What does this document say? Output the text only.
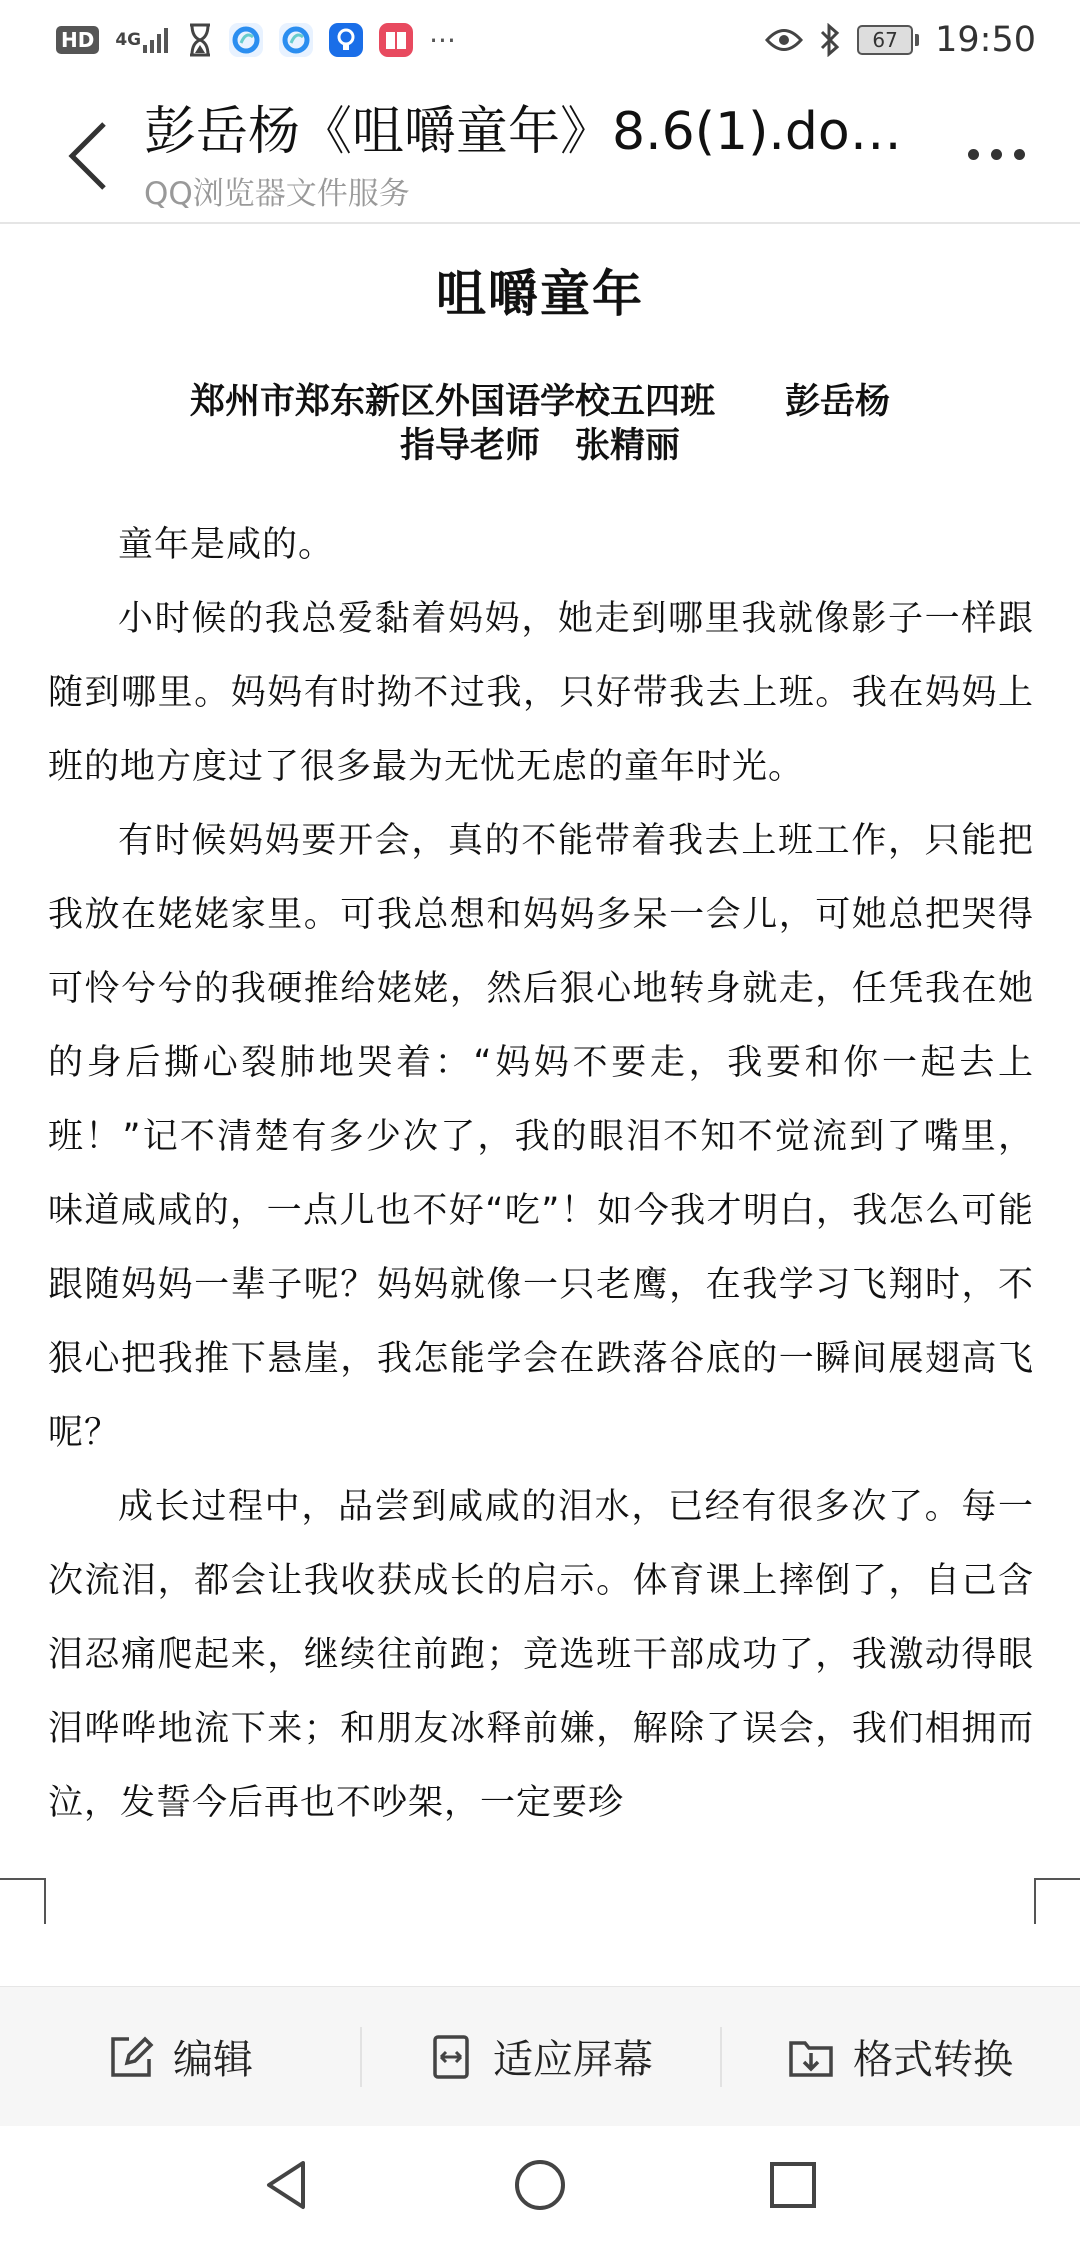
HD 4G	···	67	19:50
彭岳杨《咀嚼童年》8.6(1).do…
QQ浏览器文件服务
咀嚼童年
郑州市郑东新区外国语学校五四班　　彭岳杨
指导老师　张精丽

童年是咸的。

小时候的我总爱黏着妈妈，她走到哪里我就像影子一样跟随到哪里。妈妈有时拗不过我，只好带我去上班。我在妈妈上班的地方度过了很多最为无忧无虑的童年时光。

有时候妈妈要开会，真的不能带着我去上班工作，只能把我放在姥姥家里。可我总想和妈妈多呆一会儿，可她总把哭得可怜兮兮的我硬推给姥姥，然后狠心地转身就走，任凭我在她的身后撕心裂肺地哭着：“妈妈不要走，我要和你一起去上班！”记不清楚有多少次了，我的眼泪不知不觉流到了嘴里，味道咸咸的，一点儿也不好“吃”！如今我才明白，我怎么可能跟随妈妈一辈子呢？妈妈就像一只老鹰，在我学习飞翔时，不狠心把我推下悬崖，我怎能学会在跌落谷底的一瞬间展翅高飞呢？

成长过程中，品尝到咸咸的泪水，已经有很多次了。每一次流泪，都会让我收获成长的启示。体育课上摔倒了，自己含泪忍痛爬起来，继续往前跑；竞选班干部成功了，我激动得眼泪哗哗地流下来；和朋友冰释前嫌，解除了误会，我们相拥而泣，发誓今后再也不吵架，一定要珍

编辑	适应屏幕	格式转换
